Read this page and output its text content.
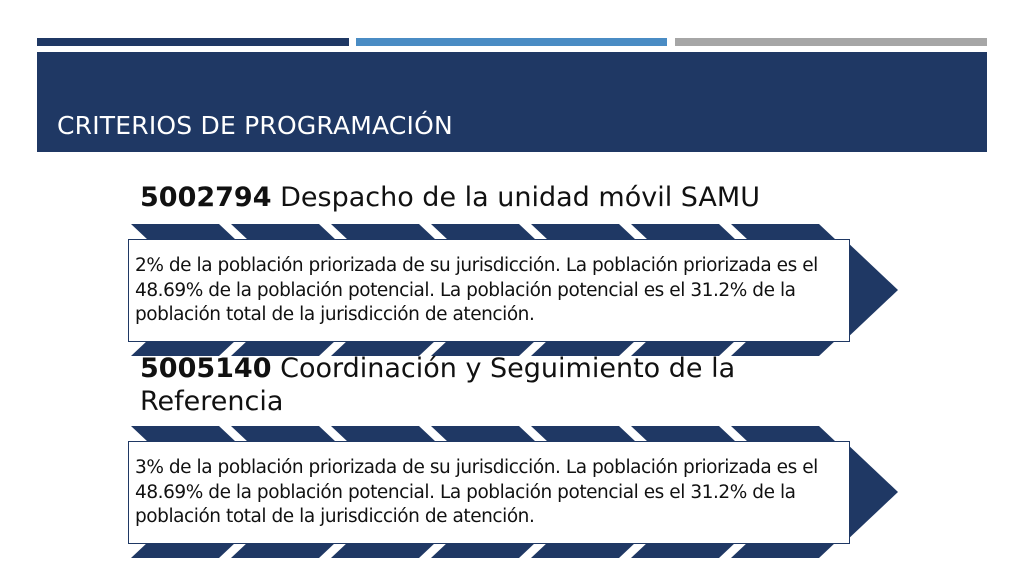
CRITERIOS DE PROGRAMACIÓN
5002794 Despacho de la unidad móvil SAMU
2% de la población priorizada de su jurisdicción. La población priorizada es el 48.69% de la población potencial. La población potencial es el 31.2% de la población total de la jurisdicción de atención.
5005140 Coordinación y Seguimiento de la Referencia
3% de la población priorizada de su jurisdicción. La población priorizada es el 48.69% de la población potencial. La población potencial es el 31.2% de la población total de la jurisdicción de atención.
